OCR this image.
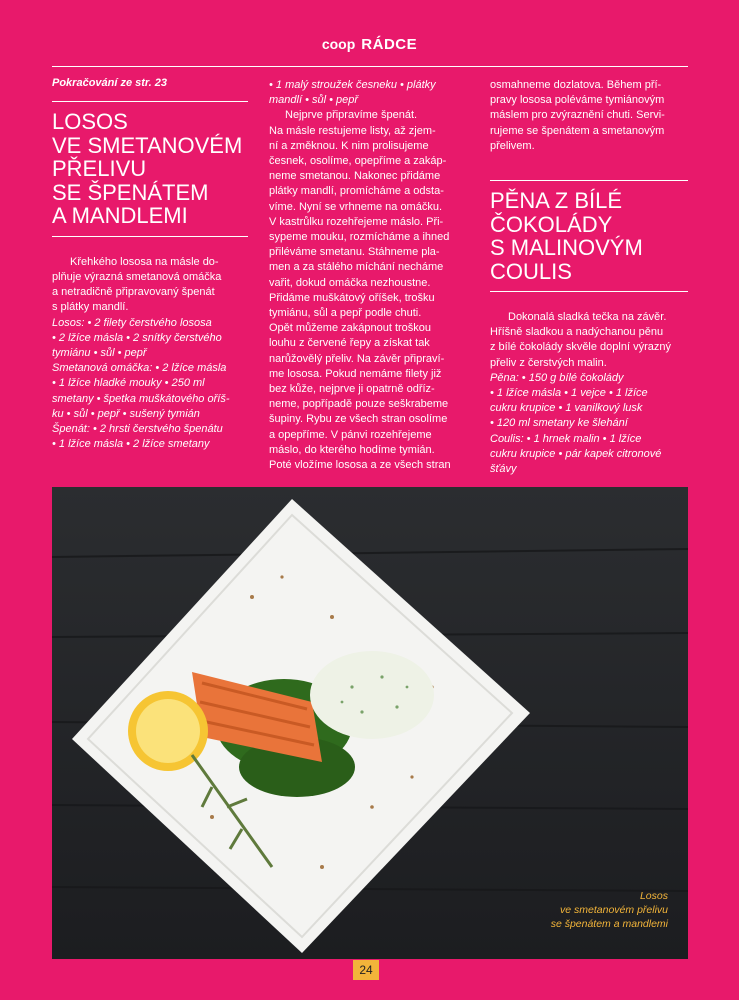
coop RÁDCE

Pokračování ze str. 23

LOSOS
VE SMETANOVÉM
PŘELIVU
SE ŠPENÁTEM
A MANDLEMI
Křehkého lososa na másle do-
plňuje výrazná smetanová omáčka
a netradičně připravovaný špenát
s plátky mandlí.
Losos: • 2 filety čerstvého lososa
• 2 lžíce másla • 2 snítky čerstvého
tymiánu • sůl • pepř
Smetanová omáčka: • 2 lžíce másla
• 1 lžíce hladké mouky • 250 ml
smetany • špetka muškátového oříš-
ku • sůl • pepř • sušený tymián
Špenát: • 2 hrsti čerstvého špenátu
• 1 lžíce másla • 2 lžíce smetany
• 1 malý stroužek česneku • plátky
mandlí • sůl • pepř
Nejprve připravíme špenát.
Na másle restujeme listy, až zjem-
ní a změknou. K nim prolisujeme
česnek, osolíme, opepříme a zakáp-
neme smetanou. Nakonec přidáme
plátky mandlí, promícháme a odsta-
víme. Nyní se vrhneme na omáčku.
V kastrůlku rozehřejeme máslo. Při-
sypeme mouku, rozmícháme a ihned
přiléváme smetanu. Stáhneme pla-
men a za stálého míchání necháme
vařit, dokud omáčka nezhoustne.
Přidáme muškátový oříšek, trošku
tymiánu, sůl a pepř podle chuti.
Opět můžeme zakápnout troškou
louhu z červené řepy a získat tak
narůžovělý přeliv. Na závěr připraví-
me lososa. Pokud nemáme filety již
bez kůže, nejprve ji opatrně odříz-
neme, popřípadě pouze seškrabeme
šupiny. Rybu ze všech stran osolíme
a opepříme. V pánvi rozehřejeme
máslo, do kterého hodíme tymián.
Poté vložíme lososa a ze všech stran
osmahneme dozlatova. Během pří-
pravy lososa poléváme tymiánovým
máslem pro zvýraznění chuti. Servi-
rujeme se špenátem a smetanovým
přelivem.
PĚNA Z BÍLÉ
ČOKOLÁDY
S MALINOVÝM
COULIS
Dokonalá sladká tečka na závěr.
Hříšně sladkou a nadýchanou pěnu
z bílé čokolády skvěle doplní výrazný
přeliv z čerstvých malin.
Pěna: • 150 g bílé čokolády
• 1 lžíce másla • 1 vejce • 1 lžíce
cukru krupice • 1 vanilkový lusk
• 120 ml smetany ke šlehání
Coulis: • 1 hrnek malin • 1 lžíce
cukru krupice • pár kapek citronové
šťávy
Losos
ve smetanovém přelivu
se špenátem a mandlemi
24
